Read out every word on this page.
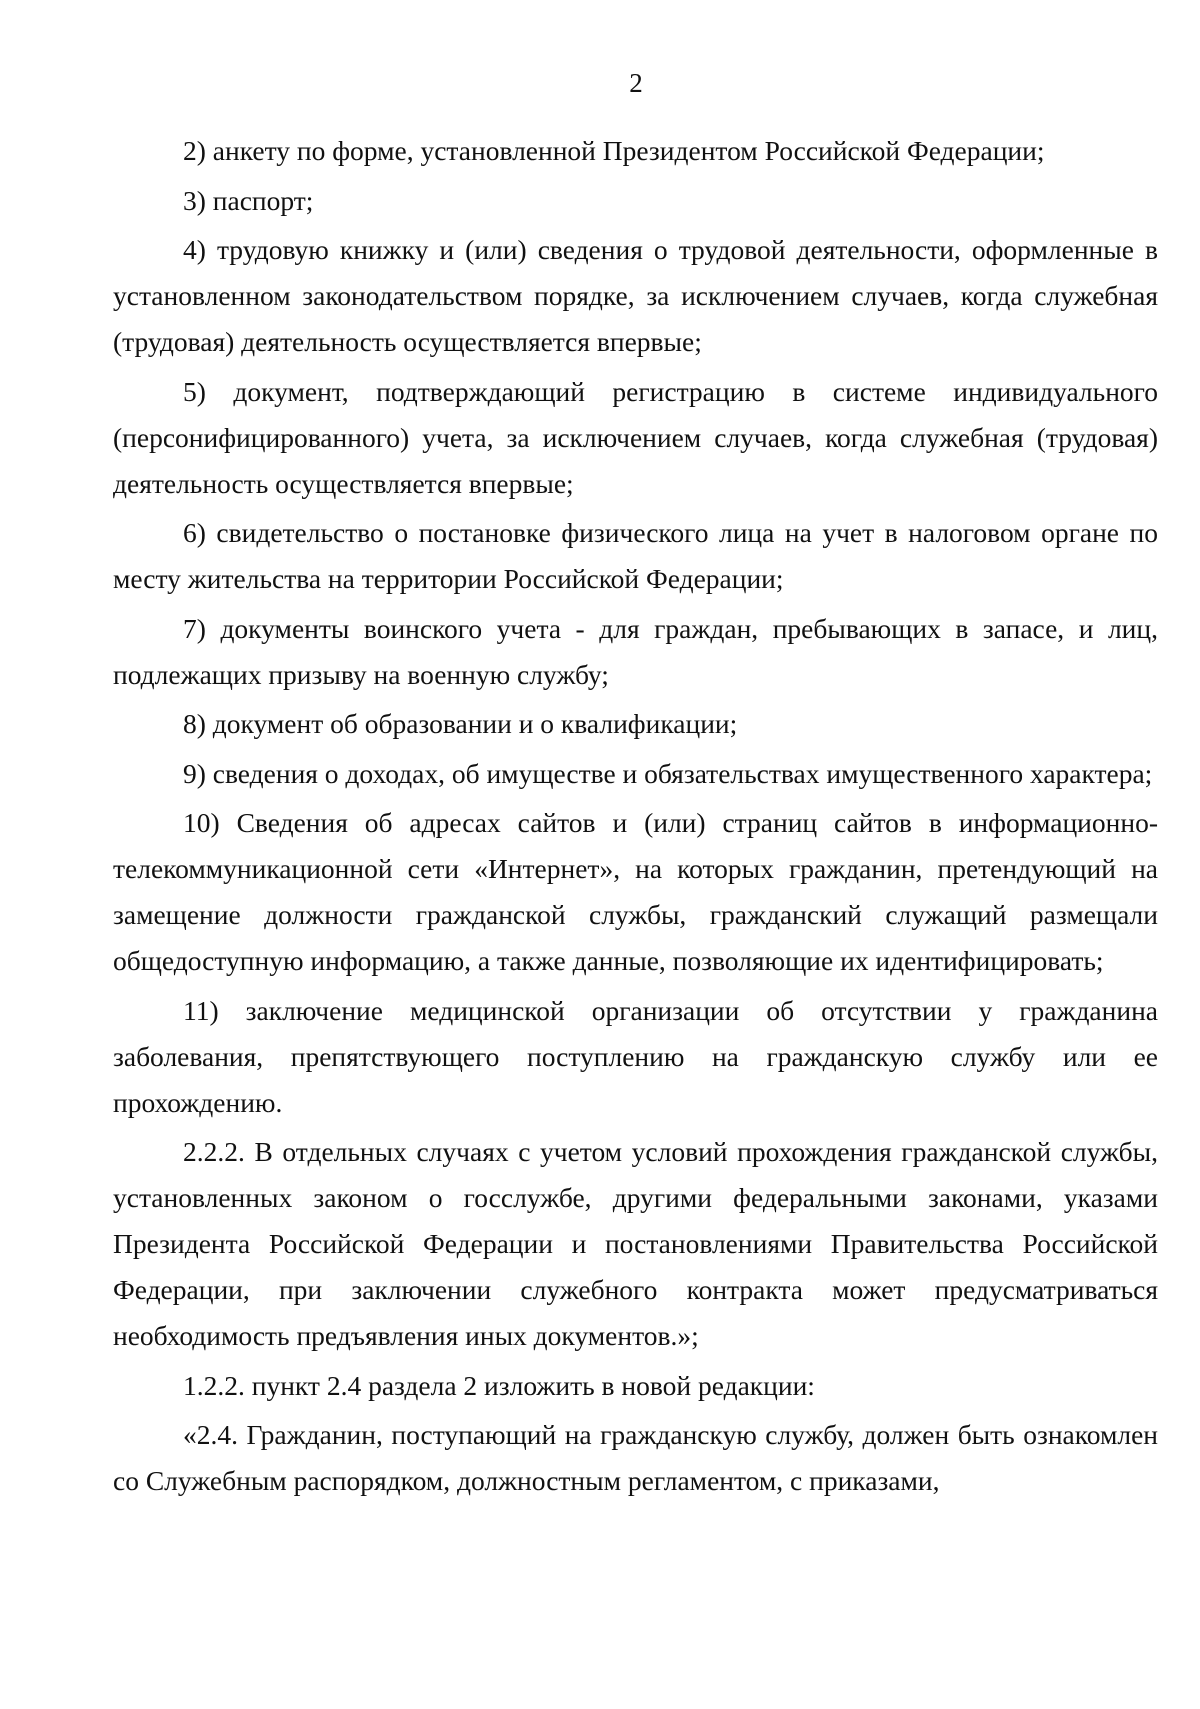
2

2) анкету по форме, установленной Президентом Российской Федерации;

3) паспорт;

4) трудовую книжку и (или) сведения о трудовой деятельности, оформленные в установленном законодательством порядке, за исключением случаев, когда служебная (трудовая) деятельность осуществляется впервые;

5) документ, подтверждающий регистрацию в системе индивидуального (персонифицированного) учета, за исключением случаев, когда служебная (трудовая) деятельность осуществляется впервые;

6) свидетельство о постановке физического лица на учет в налоговом органе по месту жительства на территории Российской Федерации;

7) документы воинского учета - для граждан, пребывающих в запасе, и лиц, подлежащих призыву на военную службу;

8) документ об образовании и о квалификации;

9) сведения о доходах, об имуществе и обязательствах имущественного характера;

10) Сведения об адресах сайтов и (или) страниц сайтов в информационно-телекоммуникационной сети «Интернет», на которых гражданин, претендующий на замещение должности гражданской службы, гражданский служащий размещали общедоступную информацию, а также данные, позволяющие их идентифицировать;

11) заключение медицинской организации об отсутствии у гражданина заболевания, препятствующего поступлению на гражданскую службу или ее прохождению.

2.2.2. В отдельных случаях с учетом условий прохождения гражданской службы, установленных законом о госслужбе, другими федеральными законами, указами Президента Российской Федерации и постановлениями Правительства Российской Федерации, при заключении служебного контракта может предусматриваться необходимость предъявления иных документов.»;

1.2.2. пункт 2.4 раздела 2 изложить в новой редакции:

«2.4. Гражданин, поступающий на гражданскую службу, должен быть ознакомлен со Служебным распорядком, должностным регламентом, с приказами,
